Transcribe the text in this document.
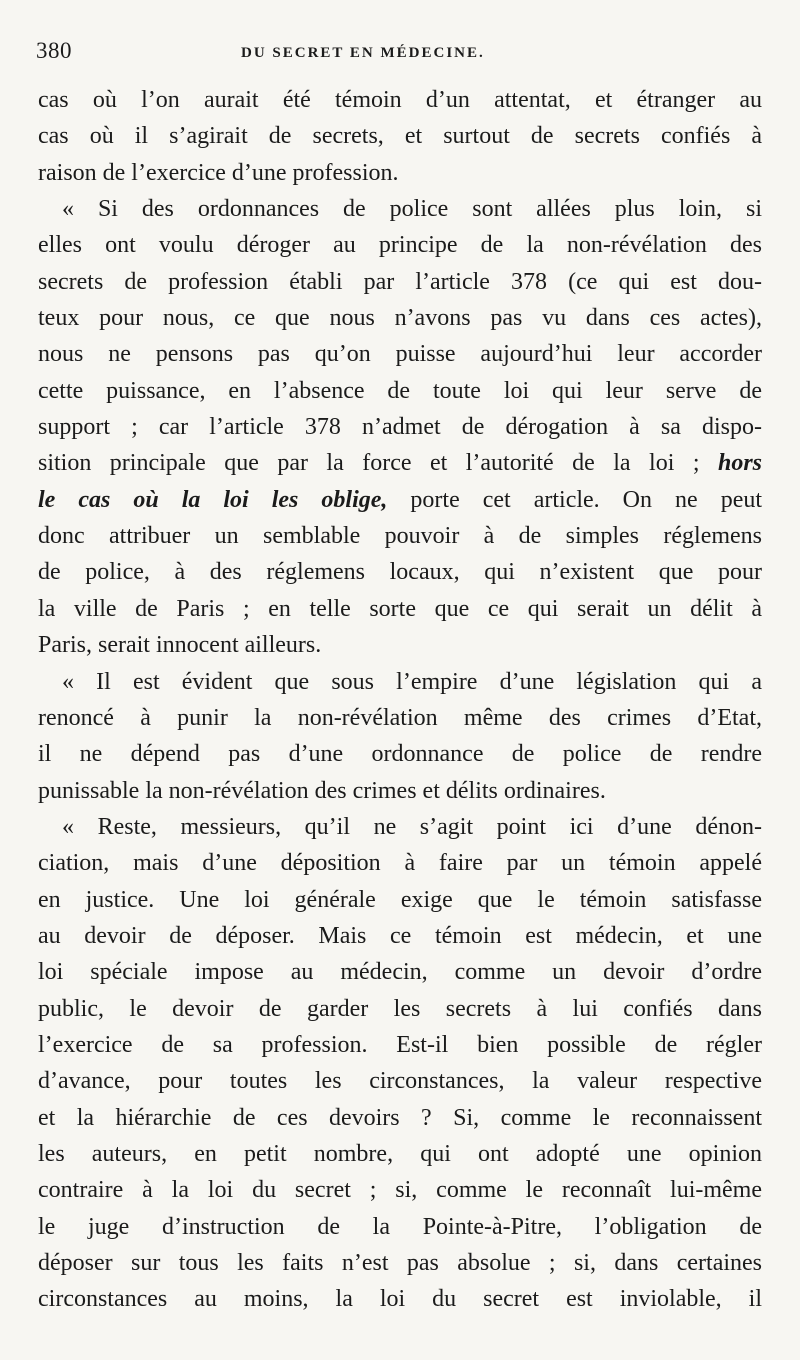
380	DU SECRET EN MÉDECINE.
cas où l’on aurait été témoin d’un attentat, et étranger au
cas où il s’agirait de secrets, et surtout de secrets confiés à
raison de l’exercice d’une profession.
« Si des ordonnances de police sont allées plus loin, si
elles ont voulu déroger au principe de la non-révélation des
secrets de profession établi par l’article 378 (ce qui est dou-
teux pour nous, ce que nous n’avons pas vu dans ces actes),
nous ne pensons pas qu’on puisse aujourd’hui leur accorder
cette puissance, en l’absence de toute loi qui leur serve de
support ; car l’article 378 n’admet de dérogation à sa dispo-
sition principale que par la force et l’autorité de la loi ; hors
le cas où la loi les oblige, porte cet article. On ne peut
donc attribuer un semblable pouvoir à de simples réglemens
de police, à des réglemens locaux, qui n’existent que pour
la ville de Paris ; en telle sorte que ce qui serait un délit à
Paris, serait innocent ailleurs.
« Il est évident que sous l’empire d’une législation qui a
renoncé à punir la non-révélation même des crimes d’Etat,
il ne dépend pas d’une ordonnance de police de rendre
punissable la non-révélation des crimes et délits ordinaires.
« Reste, messieurs, qu’il ne s’agit point ici d’une dénon-
ciation, mais d’une déposition à faire par un témoin appelé
en justice. Une loi générale exige que le témoin satisfasse
au devoir de déposer. Mais ce témoin est médecin, et une
loi spéciale impose au médecin, comme un devoir d’ordre
public, le devoir de garder les secrets à lui confiés dans
l’exercice de sa profession. Est-il bien possible de régler
d’avance, pour toutes les circonstances, la valeur respective
et la hiérarchie de ces devoirs ? Si, comme le reconnaissent
les auteurs, en petit nombre, qui ont adopté une opinion
contraire à la loi du secret ; si, comme le reconnaît lui-même
le juge d’instruction de la Pointe-à-Pitre, l’obligation de
déposer sur tous les faits n’est pas absolue ; si, dans certaines
circonstances au moins, la loi du secret est inviolable, il
